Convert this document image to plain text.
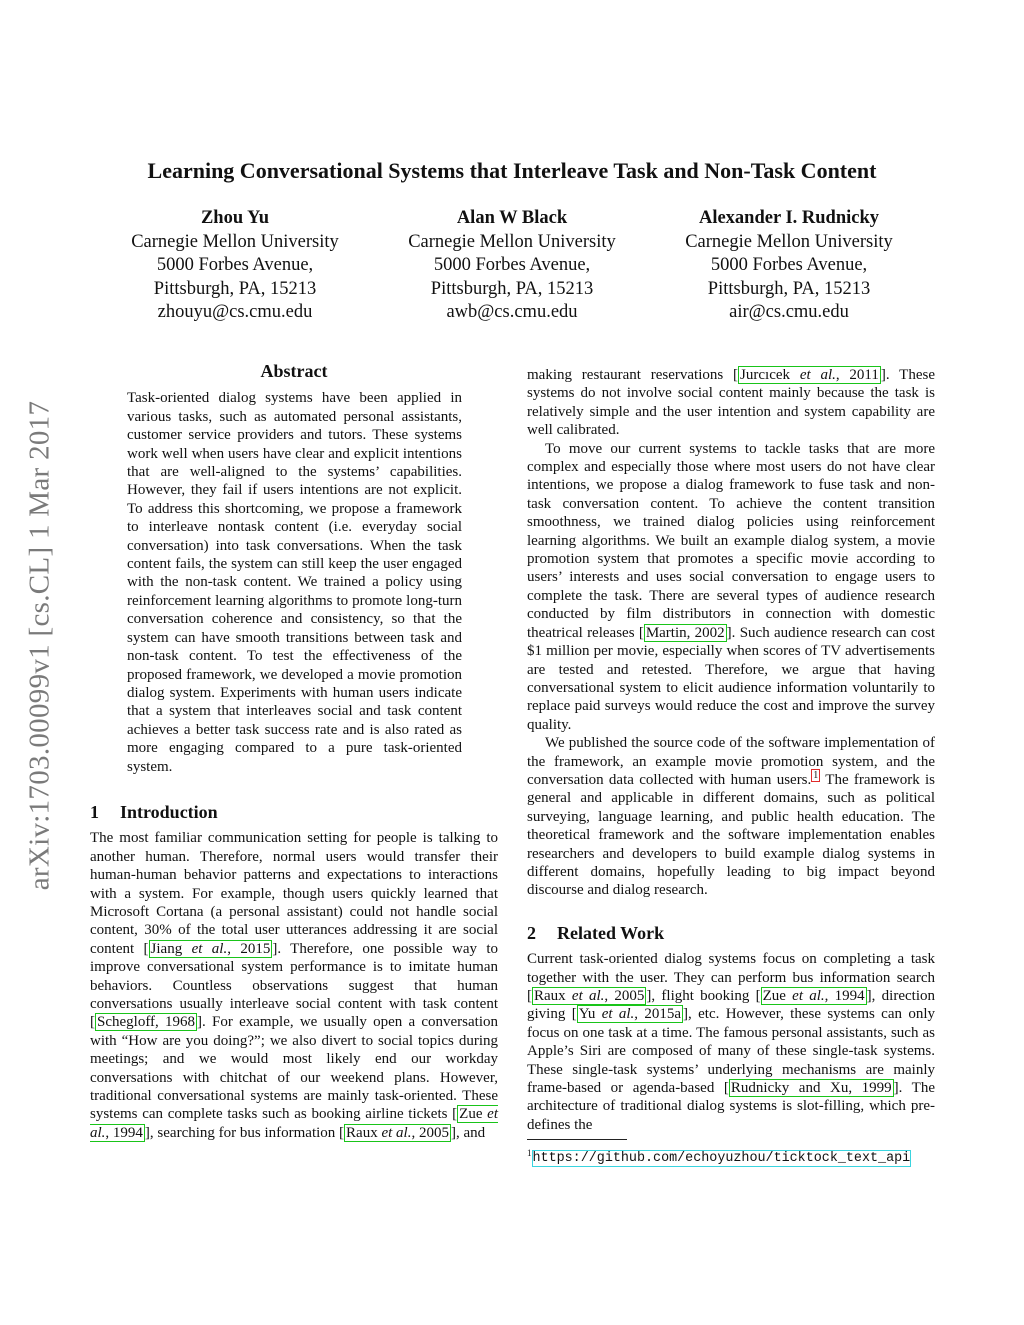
arXiv:1703.00099v1 [cs.CL] 1 Mar 2017
Learning Conversational Systems that Interleave Task and Non-Task Content
Zhou Yu
Carnegie Mellon University
5000 Forbes Avenue,
Pittsburgh, PA, 15213
zhouyu@cs.cmu.edu
Alan W Black
Carnegie Mellon University
5000 Forbes Avenue,
Pittsburgh, PA, 15213
awb@cs.cmu.edu
Alexander I. Rudnicky
Carnegie Mellon University
5000 Forbes Avenue,
Pittsburgh, PA, 15213
air@cs.cmu.edu
Abstract

Task-oriented dialog systems have been applied in various tasks, such as automated personal assistants, customer service providers and tutors. These systems work well when users have clear and explicit intentions that are well-aligned to the systems’ capabilities. However, they fail if users intentions are not explicit. To address this shortcoming, we propose a framework to interleave nontask content (i.e. everyday social conversation) into task conversations. When the task content fails, the system can still keep the user engaged with the non-task content. We trained a policy using reinforcement learning algorithms to promote long-turn conversation coherence and consistency, so that the system can have smooth transitions between task and non-task content. To test the effectiveness of the proposed framework, we developed a movie promotion dialog system. Experiments with human users indicate that a system that interleaves social and task content achieves a better task success rate and is also rated as more engaging compared to a pure task-oriented system.

1	Introduction

The most familiar communication setting for people is talking to another human. Therefore, normal users would transfer their human-human behavior patterns and expectations to interactions with a system. For example, though users quickly learned that Microsoft Cortana (a personal assistant) could not handle social content, 30% of the total user utterances addressing it are social content [ Jiang et al., 2015 ]. Therefore, one possible way to improve conversational system performance is to imitate human behaviors. Countless observations suggest that human conversations usually interleave social content with task content [ Schegloff, 1968 ]. For example, we usually open a conversation with “How are you doing?”; we also divert to social topics during meetings; and we would most likely end our workday conversations with chitchat of our weekend plans. However, traditional conversational systems are mainly task-oriented. These systems can complete tasks such as booking airline tickets [ Zue et al., 1994 ], searching for bus information [ Raux et al., 2005 ], and

making restaurant reservations [ Jurcıcek et al., 2011 ]. These systems do not involve social content mainly because the task is relatively simple and the user intention and system capability are well calibrated.

To move our current systems to tackle tasks that are more complex and especially those where most users do not have clear intentions, we propose a dialog framework to fuse task and non-task conversation content. To achieve the content transition smoothness, we trained dialog policies using reinforcement learning algorithms. We built an example dialog system, a movie promotion system that promotes a specific movie according to users’ interests and uses social conversation to engage users to complete the task. There are several types of audience research conducted by film distributors in connection with domestic theatrical releases [ Martin, 2002 ]. Such audience research can cost $1 million per movie, especially when scores of TV advertisements are tested and retested. Therefore, we argue that having conversational system to elicit audience information voluntarily to replace paid surveys would reduce the cost and improve the survey quality.

We published the source code of the software implementation of the framework, an example movie promotion system, and the conversation data collected with human users. $^1$ The framework is general and applicable in different domains, such as political surveying, language learning, and public health education. The theoretical framework and the software implementation enables researchers and developers to build example dialog systems in different domains, hopefully leading to big impact beyond discourse and dialog research.

2	Related Work

Current task-oriented dialog systems focus on completing a task together with the user. They can perform bus information search [ Raux et al., 2005 ], flight booking [ Zue et al., 1994 ], direction giving [ Yu et al., 2015a ], etc. However, these systems can only focus on one task at a time. The famous personal assistants, such as Apple’s Siri are composed of many of these single-task systems. These single-task systems’ underlying mechanisms are mainly frame-based or agenda-based [ Rudnicky and Xu, 1999 ]. The architecture of traditional dialog systems is slot-filling, which pre-defines the

$^1$https://github.com/echoyuzhou/ticktock_text_api
